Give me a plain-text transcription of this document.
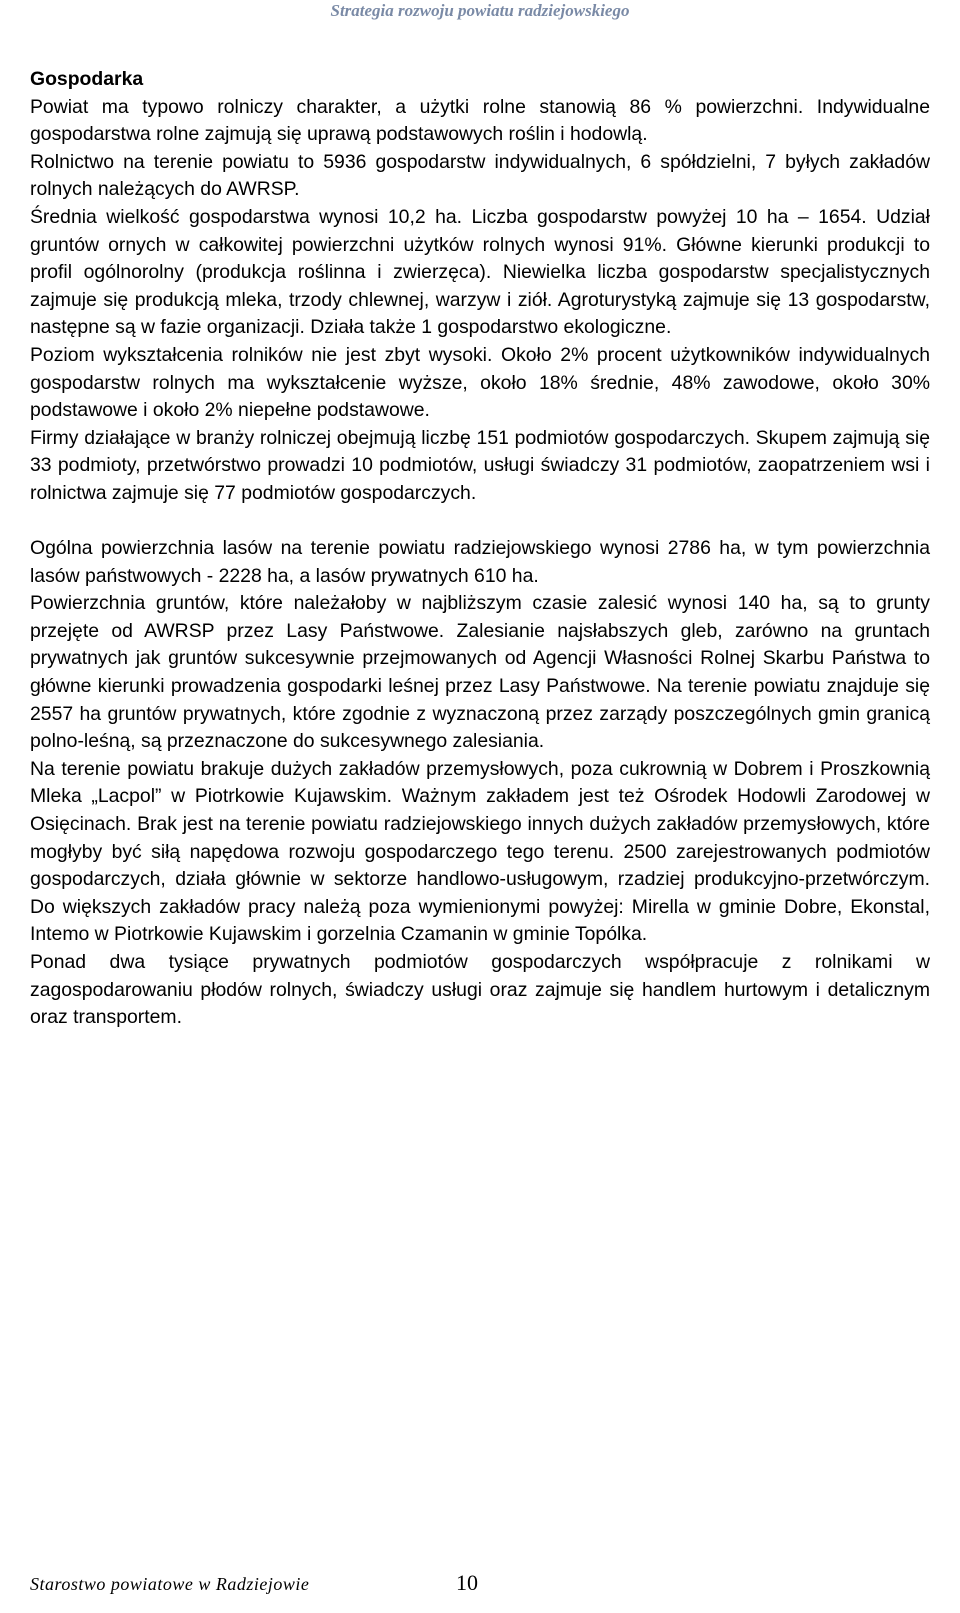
Strategia rozwoju powiatu radziejowskiego

Gospodarka

Powiat ma typowo rolniczy charakter, a użytki rolne stanowią 86 % powierzchni. Indywidualne gospodarstwa rolne zajmują się uprawą podstawowych roślin i hodowlą.

Rolnictwo na terenie powiatu to 5936 gospodarstw indywidualnych, 6 spółdzielni, 7 byłych zakładów rolnych należących do AWRSP.

Średnia wielkość gospodarstwa wynosi 10,2 ha. Liczba gospodarstw powyżej 10 ha – 1654. Udział gruntów ornych w całkowitej powierzchni użytków rolnych wynosi 91%. Główne kierunki produkcji to profil ogólnorolny (produkcja roślinna i zwierzęca). Niewielka liczba gospodarstw specjalistycznych zajmuje się produkcją mleka, trzody chlewnej, warzyw i ziół. Agroturystyką zajmuje się 13 gospodarstw, następne są w fazie organizacji. Działa także 1 gospodarstwo ekologiczne.

Poziom wykształcenia rolników nie jest zbyt wysoki. Około 2% procent użytkowników indywidualnych gospodarstw rolnych ma wykształcenie wyższe, około 18% średnie, 48% zawodowe, około 30% podstawowe i około 2% niepełne podstawowe.

Firmy działające w branży rolniczej obejmują liczbę 151 podmiotów gospodarczych. Skupem zajmują się 33 podmioty, przetwórstwo prowadzi 10 podmiotów, usługi świadczy 31 podmiotów, zaopatrzeniem wsi i rolnictwa zajmuje się 77 podmiotów gospodarczych.

Ogólna powierzchnia lasów na terenie powiatu radziejowskiego wynosi 2786 ha, w tym powierzchnia lasów państwowych - 2228 ha, a lasów prywatnych 610 ha.

Powierzchnia gruntów, które należałoby w najbliższym czasie zalesić wynosi 140 ha, są to grunty przejęte od AWRSP przez Lasy Państwowe. Zalesianie najsłabszych gleb, zarówno na gruntach prywatnych jak gruntów sukcesywnie przejmowanych od Agencji Własności Rolnej Skarbu Państwa to główne kierunki prowadzenia gospodarki leśnej przez Lasy Państwowe. Na terenie powiatu znajduje się 2557 ha gruntów prywatnych, które zgodnie z wyznaczoną przez zarządy poszczególnych gmin granicą polno-leśną, są przeznaczone do sukcesywnego zalesiania.

Na terenie powiatu brakuje dużych zakładów przemysłowych, poza cukrownią w Dobrem i Proszkownią Mleka „Lacpol” w Piotrkowie Kujawskim. Ważnym zakładem jest też Ośrodek Hodowli Zarodowej w Osięcinach. Brak jest na terenie powiatu radziejowskiego innych dużych zakładów przemysłowych, które mogłyby być siłą napędowa rozwoju gospodarczego tego terenu. 2500 zarejestrowanych podmiotów gospodarczych, działa głównie w sektorze handlowo-usługowym, rzadziej produkcyjno-przetwórczym. Do większych zakładów pracy należą poza wymienionymi powyżej: Mirella w gminie Dobre, Ekonstal, Intemo w Piotrkowie Kujawskim i gorzelnia Czamanin w gminie Topólka.

Ponad dwa tysiące prywatnych podmiotów gospodarczych współpracuje z rolnikami w zagospodarowaniu płodów rolnych, świadczy usługi oraz zajmuje się handlem hurtowym i detalicznym oraz transportem.

Starostwo powiatowe w Radziejowie	10
